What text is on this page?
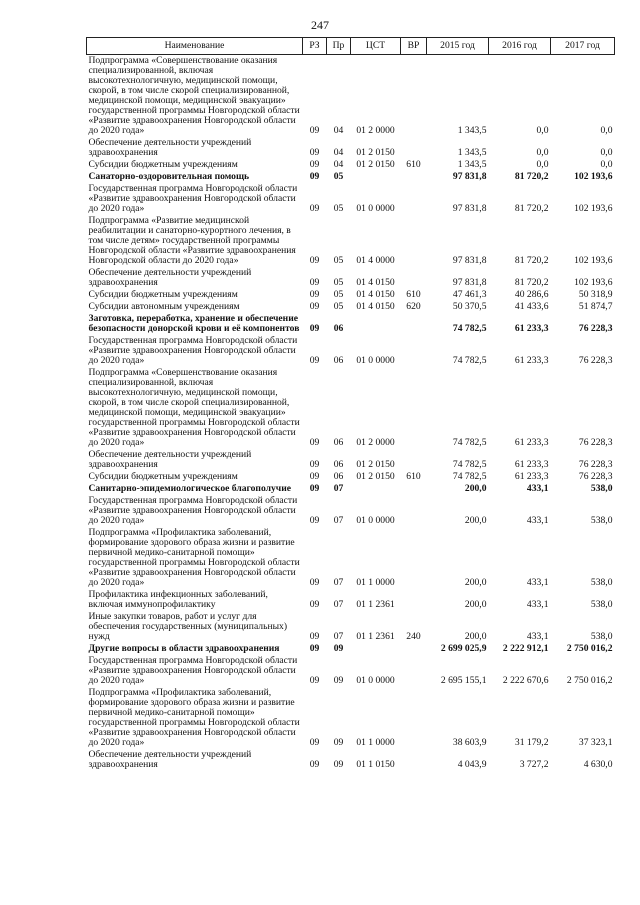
247
Наименование	РЗ	Пр	ЦСТ	ВР	2015 год	2016 год	2017 год
Подпрограмма «Совершенствование оказания специализированной, включая высокотехнологичную, медицинской помощи, скорой, в том числе скорой специализированной, медицинской помощи, медицинской эвакуации» государственной программы Новгородской области «Развитие здравоохранения Новгородской области до 2020 года»	09	04	01 2 0000		1 343,5	0,0	0,0
Обеспечение деятельности учреждений здравоохранения	09	04	01 2 0150		1 343,5	0,0	0,0
Субсидии бюджетным учреждениям	09	04	01 2 0150	610	1 343,5	0,0	0,0
Санаторно-оздоровительная помощь	09	05			97 831,8	81 720,2	102 193,6
Государственная программа Новгородской области «Развитие здравоохранения Новгородской области до 2020 года»	09	05	01 0 0000		97 831,8	81 720,2	102 193,6
Подпрограмма «Развитие медицинской реабилитации и санаторно-курортного лечения, в том числе детям» государственной программы Новгородской области «Развитие здравоохранения Новгородской области до 2020 года»	09	05	01 4 0000		97 831,8	81 720,2	102 193,6
Обеспечение деятельности учреждений здравоохранения	09	05	01 4 0150		97 831,8	81 720,2	102 193,6
Субсидии бюджетным учреждениям	09	05	01 4 0150	610	47 461,3	40 286,6	50 318,9
Субсидии автономным учреждениям	09	05	01 4 0150	620	50 370,5	41 433,6	51 874,7
Заготовка, переработка, хранение и обеспечение безопасности донорской крови и её компонентов	09	06			74 782,5	61 233,3	76 228,3
Государственная программа Новгородской области «Развитие здравоохранения Новгородской области до 2020 года»	09	06	01 0 0000		74 782,5	61 233,3	76 228,3
Подпрограмма «Совершенствование оказания специализированной, включая высокотехнологичную, медицинской помощи, скорой, в том числе скорой специализированной, медицинской помощи, медицинской эвакуации» государственной программы Новгородской области «Развитие здравоохранения Новгородской области до 2020 года»	09	06	01 2 0000		74 782,5	61 233,3	76 228,3
Обеспечение деятельности учреждений здравоохранения	09	06	01 2 0150		74 782,5	61 233,3	76 228,3
Субсидии бюджетным учреждениям	09	06	01 2 0150	610	74 782,5	61 233,3	76 228,3
Санитарно-эпидемиологическое благополучие	09	07			200,0	433,1	538,0
Государственная программа Новгородской области «Развитие здравоохранения Новгородской области до 2020 года»	09	07	01 0 0000		200,0	433,1	538,0
Подпрограмма «Профилактика заболеваний, формирование здорового образа жизни и развитие первичной медико-санитарной помощи» государственной программы Новгородской области «Развитие здравоохранения Новгородской области до 2020 года»	09	07	01 1 0000		200,0	433,1	538,0
Профилактика инфекционных заболеваний, включая иммунопрофилактику	09	07	01 1 2361		200,0	433,1	538,0
Иные закупки товаров, работ и услуг для обеспечения государственных (муниципальных) нужд	09	07	01 1 2361	240	200,0	433,1	538,0
Другие вопросы в области здравоохранения	09	09			2 699 025,9	2 222 912,1	2 750 016,2
Государственная программа Новгородской области «Развитие здравоохранения Новгородской области до 2020 года»	09	09	01 0 0000		2 695 155,1	2 222 670,6	2 750 016,2
Подпрограмма «Профилактика заболеваний, формирование здорового образа жизни и развитие первичной медико-санитарной помощи» государственной программы Новгородской области «Развитие здравоохранения Новгородской области до 2020 года»	09	09	01 1 0000		38 603,9	31 179,2	37 323,1
Обеспечение деятельности учреждений здравоохранения	09	09	01 1 0150		4 043,9	3 727,2	4 630,0
